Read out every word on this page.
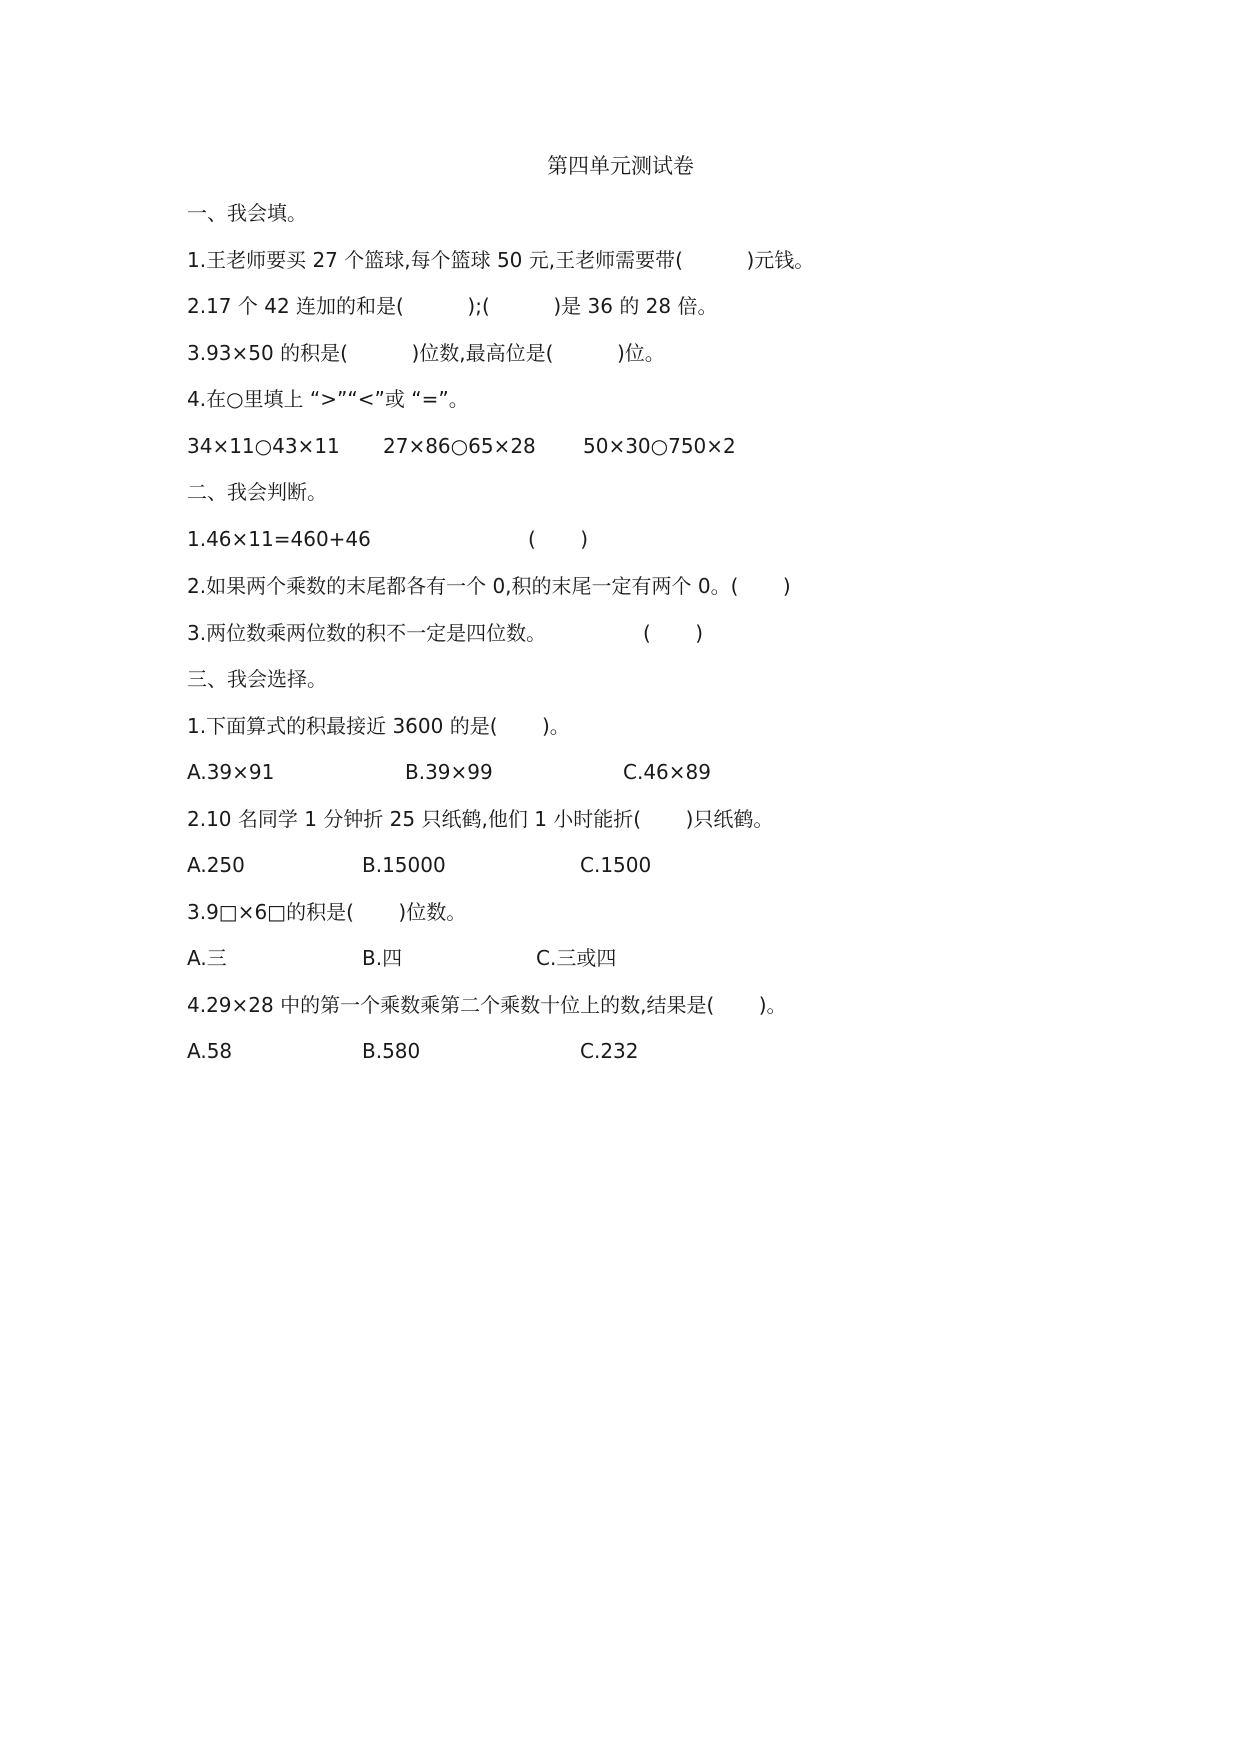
第四单元测试卷
一、我会填。
1.王老师要买 27 个篮球,每个篮球 50 元,王老师需要带(          )元钱。
2.17 个 42 连加的和是(          );(          )是 36 的 28 倍。
3.93×50 的积是(          )位数,最高位是(          )位。
4.在○里填上 “>”“<”或 “=”。
34×11○43×11 27×86○65×28 50×30○750×2
二、我会判断。
1.46×11=460+46	(       )
2.如果两个乘数的末尾都各有一个 0,积的末尾一定有两个 0。(       )
3.两位数乘两位数的积不一定是四位数。	(       )
三、我会选择。
1.下面算式的积最接近 3600 的是(       )。
A.39×91	B.39×99	C.46×89
2.10 名同学 1 分钟折 25 只纸鹤,他们 1 小时能折(       )只纸鹤。
A.250	B.15000	C.1500
3.9□×6□的积是(       )位数。
A.三	B.四	C.三或四
4.29×28 中的第一个乘数乘第二个乘数十位上的数,结果是(       )。
A.58	B.580	C.232
